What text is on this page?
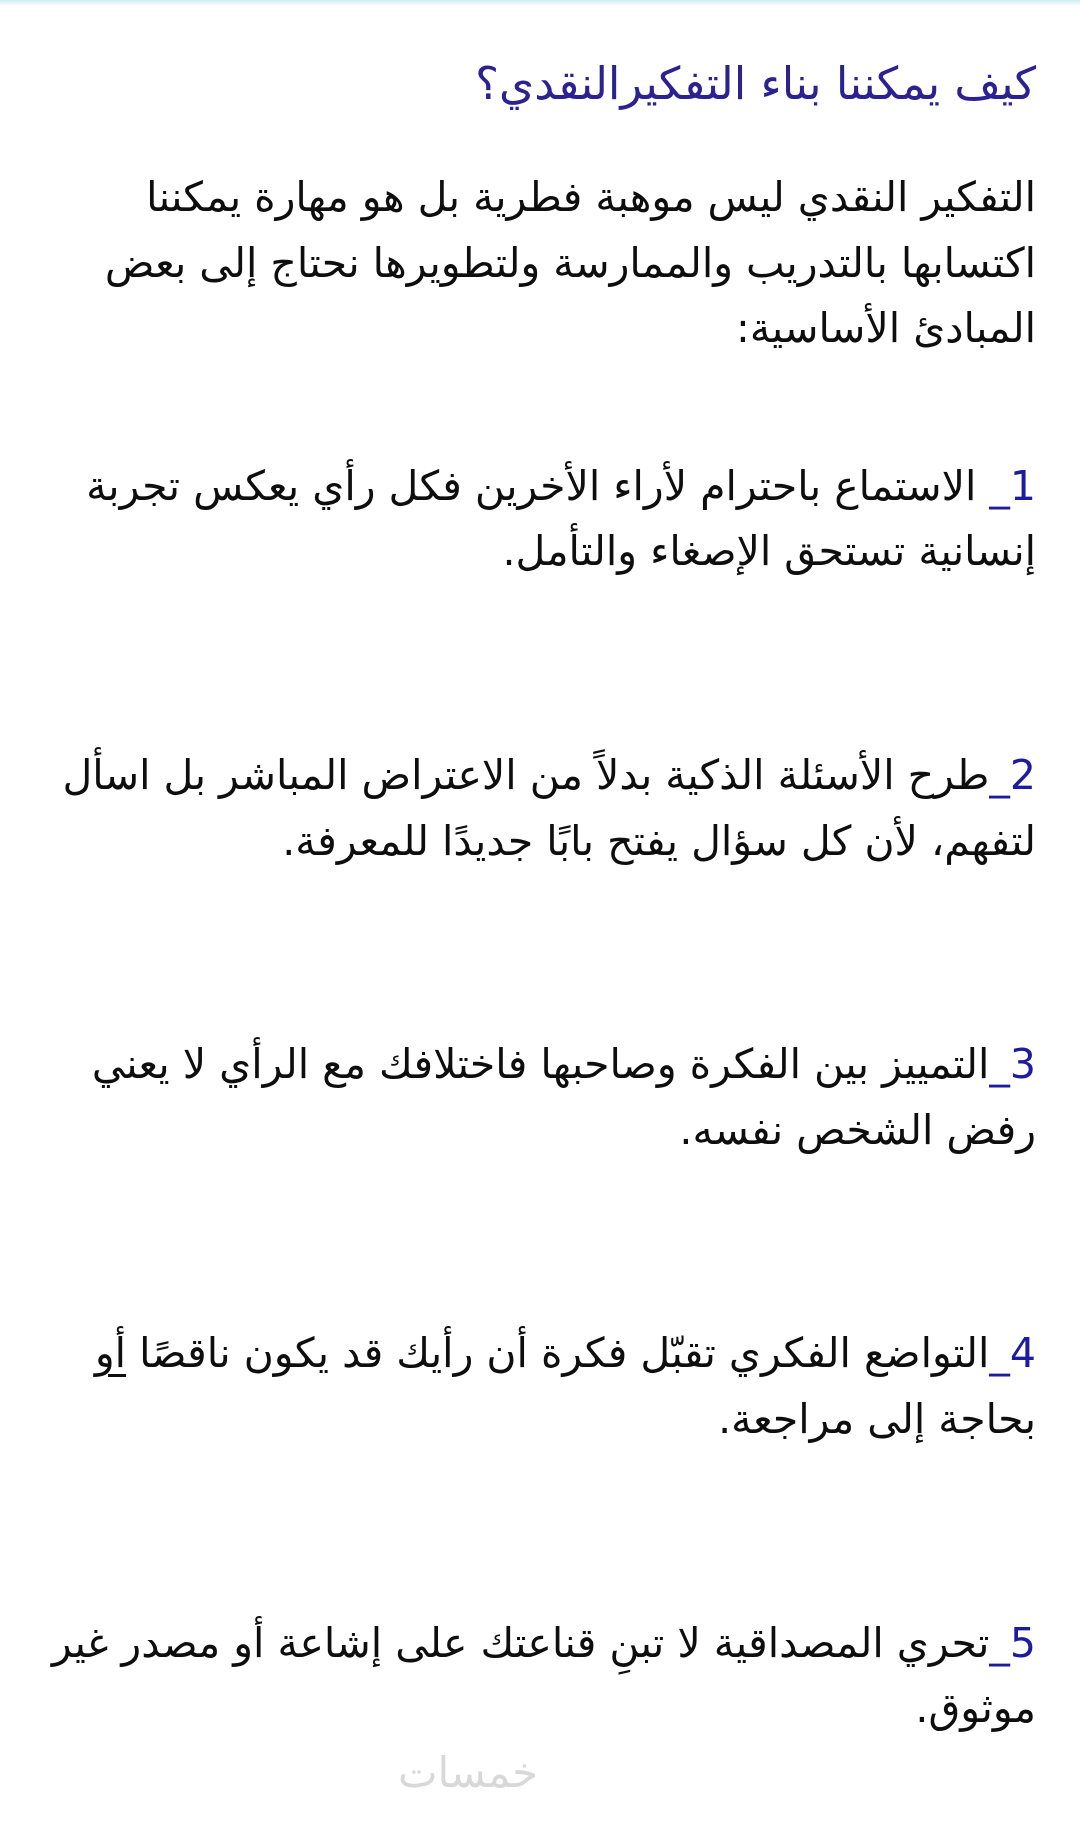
كيف يمكننا بناء التفكيرالنقدي؟

التفكير النقدي ليس موهبة فطرية بل هو مهارة يمكننا اكتسابها بالتدريب والممارسة ولتطويرها نحتاج إلى بعض المبادئ الأساسية:

1_ الاستماع باحترام لأراء الأخرين فكل رأي يعكس تجربة إنسانية تستحق الإصغاء والتأمل.
2_طرح الأسئلة الذكية بدلاً من الاعتراض المباشر بل اسأل لتفهم، لأن كل سؤال يفتح بابًا جديدًا للمعرفة.
3_التمييز بين الفكرة وصاحبها فاختلافك مع الرأي لا يعني رفض الشخص نفسه.
4_التواضع الفكري تقبّل فكرة أن رأيك قد يكون ناقصًا أو بحاجة إلى مراجعة.
5_تحري المصداقية لا تبنِ قناعتك على إشاعة أو مصدر غير موثوق.
خمسات
